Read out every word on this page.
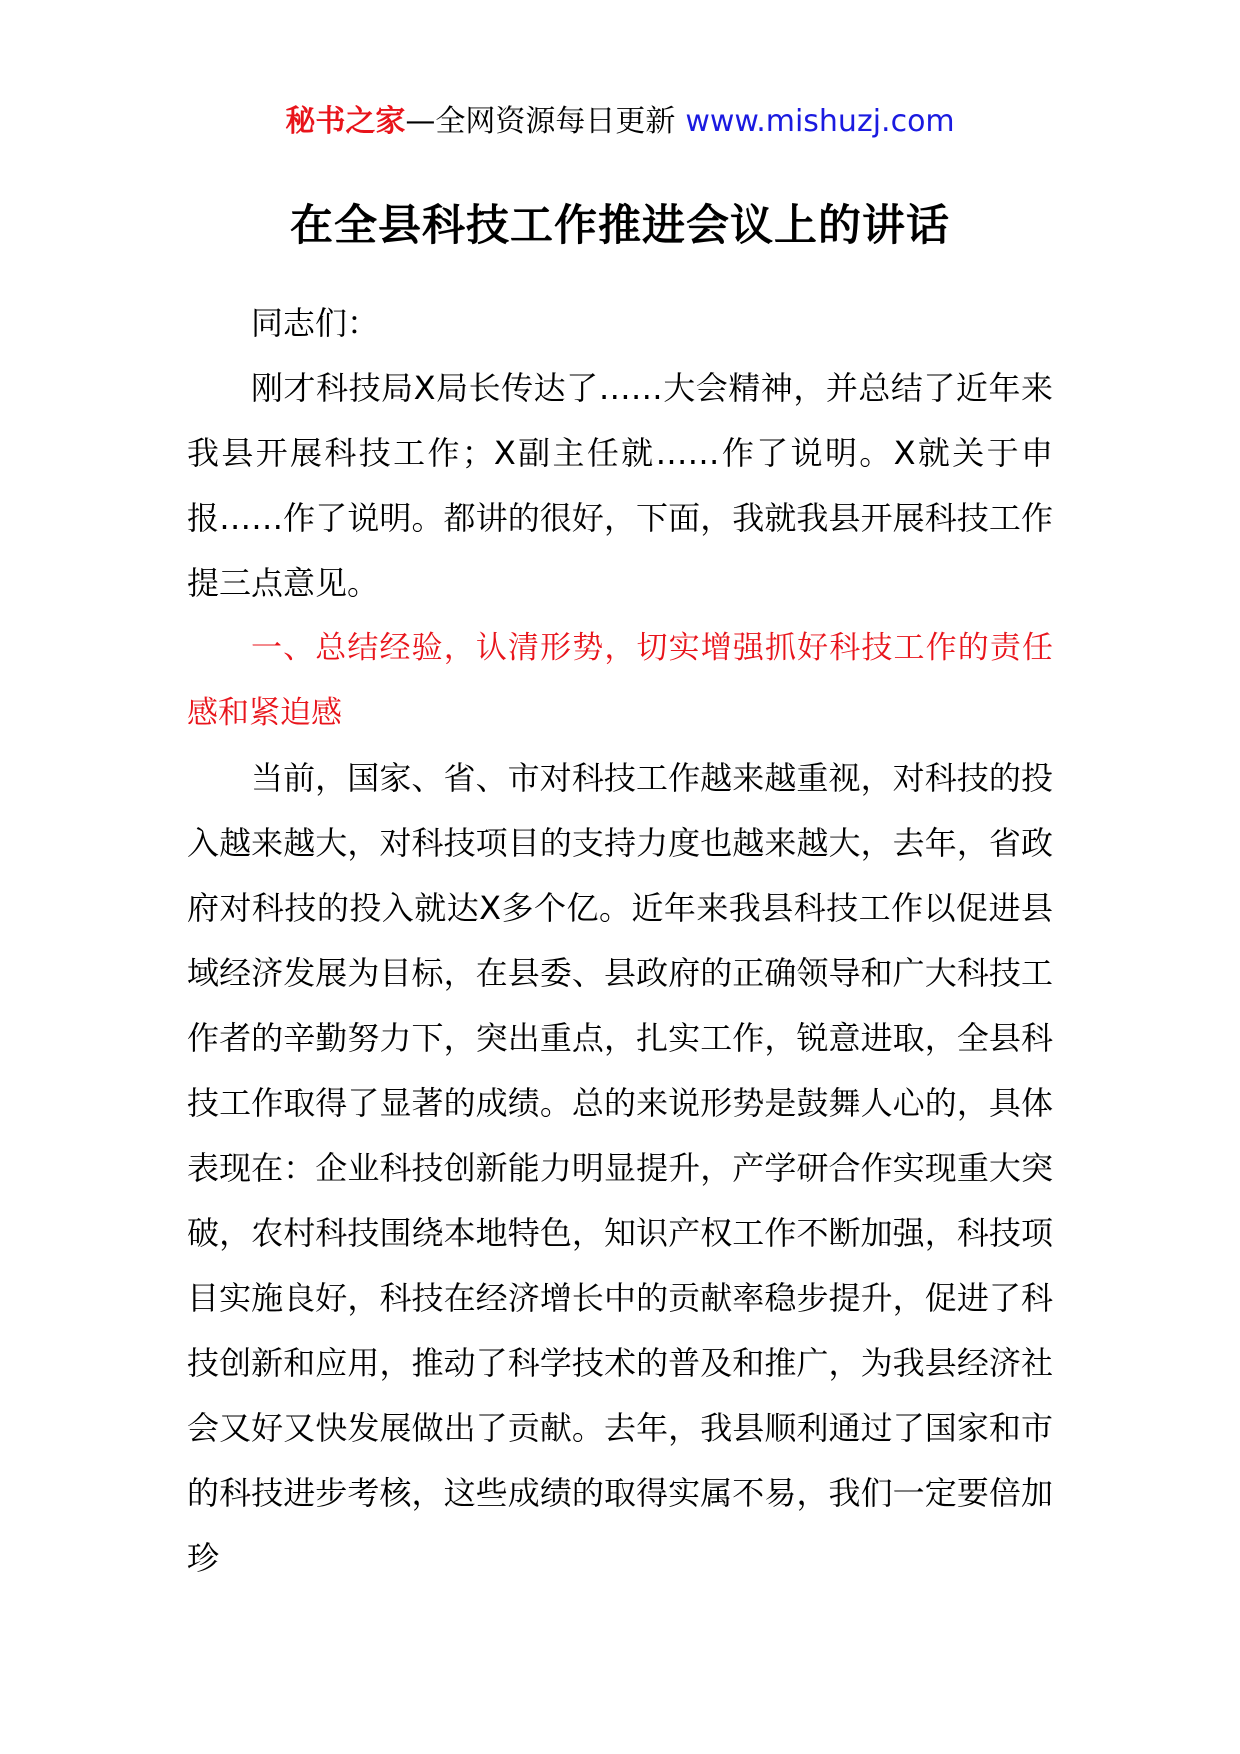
秘书之家—全网资源每日更新 www.mishuzj.com
在全县科技工作推进会议上的讲话

同志们：

刚才科技局X局长传达了……大会精神，并总结了近年来我县开展科技工作；X副主任就……作了说明。X就关于申报……作了说明。都讲的很好，下面，我就我县开展科技工作提三点意见。

一、总结经验，认清形势，切实增强抓好科技工作的责任感和紧迫感

当前，国家、省、市对科技工作越来越重视，对科技的投入越来越大，对科技项目的支持力度也越来越大，去年，省政府对科技的投入就达X多个亿。近年来我县科技工作以促进县域经济发展为目标，在县委、县政府的正确领导和广大科技工作者的辛勤努力下，突出重点，扎实工作，锐意进取，全县科技工作取得了显著的成绩。总的来说形势是鼓舞人心的，具体表现在：企业科技创新能力明显提升，产学研合作实现重大突破，农村科技围绕本地特色，知识产权工作不断加强，科技项目实施良好，科技在经济增长中的贡献率稳步提升，促进了科技创新和应用，推动了科学技术的普及和推广，为我县经济社会又好又快发展做出了贡献。去年，我县顺利通过了国家和市的科技进步考核，这些成绩的取得实属不易，我们一定要倍加珍
